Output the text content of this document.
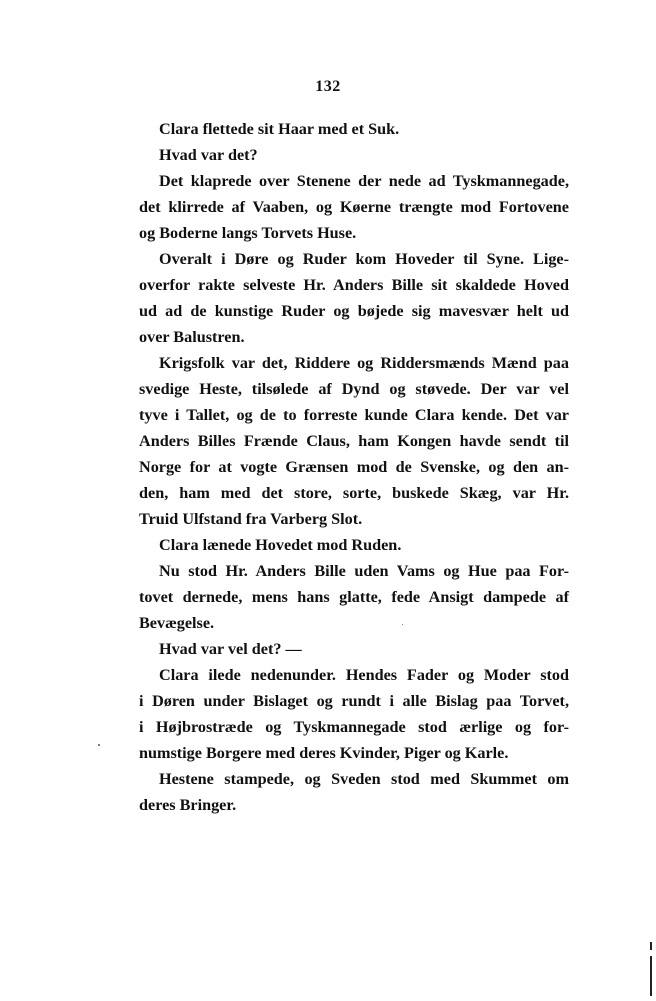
132
Clara flettede sit Haar med et Suk.
Hvad var det?
Det klaprede over Stenene der nede ad Tyskmannegade,
det klirrede af Vaaben, og Køerne trængte mod Fortovene
og Boderne langs Torvets Huse.
Overalt i Døre og Ruder kom Hoveder til Syne. Lige-
overfor rakte selveste Hr. Anders Bille sit skaldede Hoved
ud ad de kunstige Ruder og bøjede sig mavesvær helt ud
over Balustren.
Krigsfolk var det, Riddere og Riddersmænds Mænd paa
svedige Heste, tilsølede af Dynd og støvede. Der var vel
tyve i Tallet, og de to forreste kunde Clara kende. Det var
Anders Billes Frænde Claus, ham Kongen havde sendt til
Norge for at vogte Grænsen mod de Svenske, og den an-
den, ham med det store, sorte, buskede Skæg, var Hr.
Truid Ulfstand fra Varberg Slot.
Clara lænede Hovedet mod Ruden.
Nu stod Hr. Anders Bille uden Vams og Hue paa For-
tovet dernede, mens hans glatte, fede Ansigt dampede af
Bevægelse.
Hvad var vel det? —
Clara ilede nedenunder. Hendes Fader og Moder stod
i Døren under Bislaget og rundt i alle Bislag paa Torvet,
i Højbrostræde og Tyskmannegade stod ærlige og for-
numstige Borgere med deres Kvinder, Piger og Karle.
Hestene stampede, og Sveden stod med Skummet om
deres Bringer.
